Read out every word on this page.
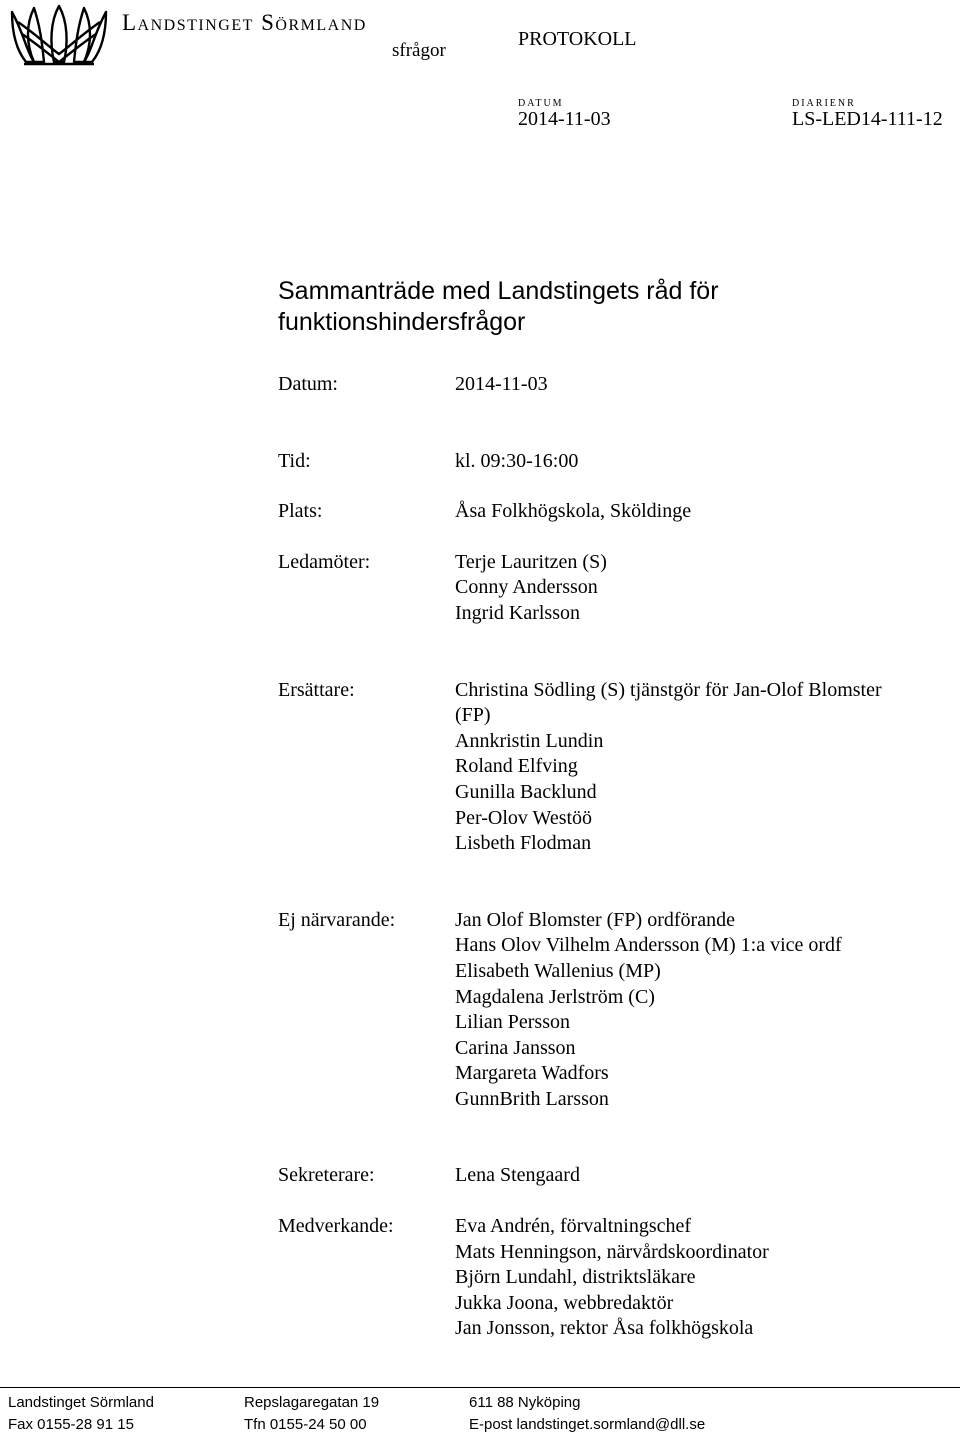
Landstinget Sörmland
sfrågor
PROTOKOLL
DATUM
2014-11-03
DIARIENR
LS-LED14-111-12
Sammanträde med Landstingets råd för
funktionshindersfrågor
Datum:	2014-11-03
Tid:	kl. 09:30-16:00
Plats:	Åsa Folkhögskola, Sköldinge
Ledamöter:	Terje Lauritzen (S)
Conny Andersson
Ingrid Karlsson
Ersättare:	Christina Södling (S) tjänstgör för Jan-Olof Blomster
(FP)
Annkristin Lundin
Roland Elfving
Gunilla Backlund
Per-Olov Westöö
Lisbeth Flodman
Ej närvarande:	Jan Olof Blomster (FP) ordförande
Hans Olov Vilhelm Andersson (M) 1:a vice ordf
Elisabeth Wallenius (MP)
Magdalena Jerlström (C)
Lilian Persson
Carina Jansson
Margareta Wadfors
GunnBrith Larsson
Sekreterare:	Lena Stengaard
Medverkande:	Eva Andrén, förvaltningschef
Mats Henningson, närvårdskoordinator
Björn Lundahl, distriktsläkare
Jukka Joona, webbredaktör
Jan Jonsson, rektor Åsa folkhögskola
Landstinget Sörmland	Repslagaregatan 19	611 88 Nyköping
Fax 0155-28 91 15	Tfn 0155-24 50 00	E-post landstinget.sormland@dll.se
